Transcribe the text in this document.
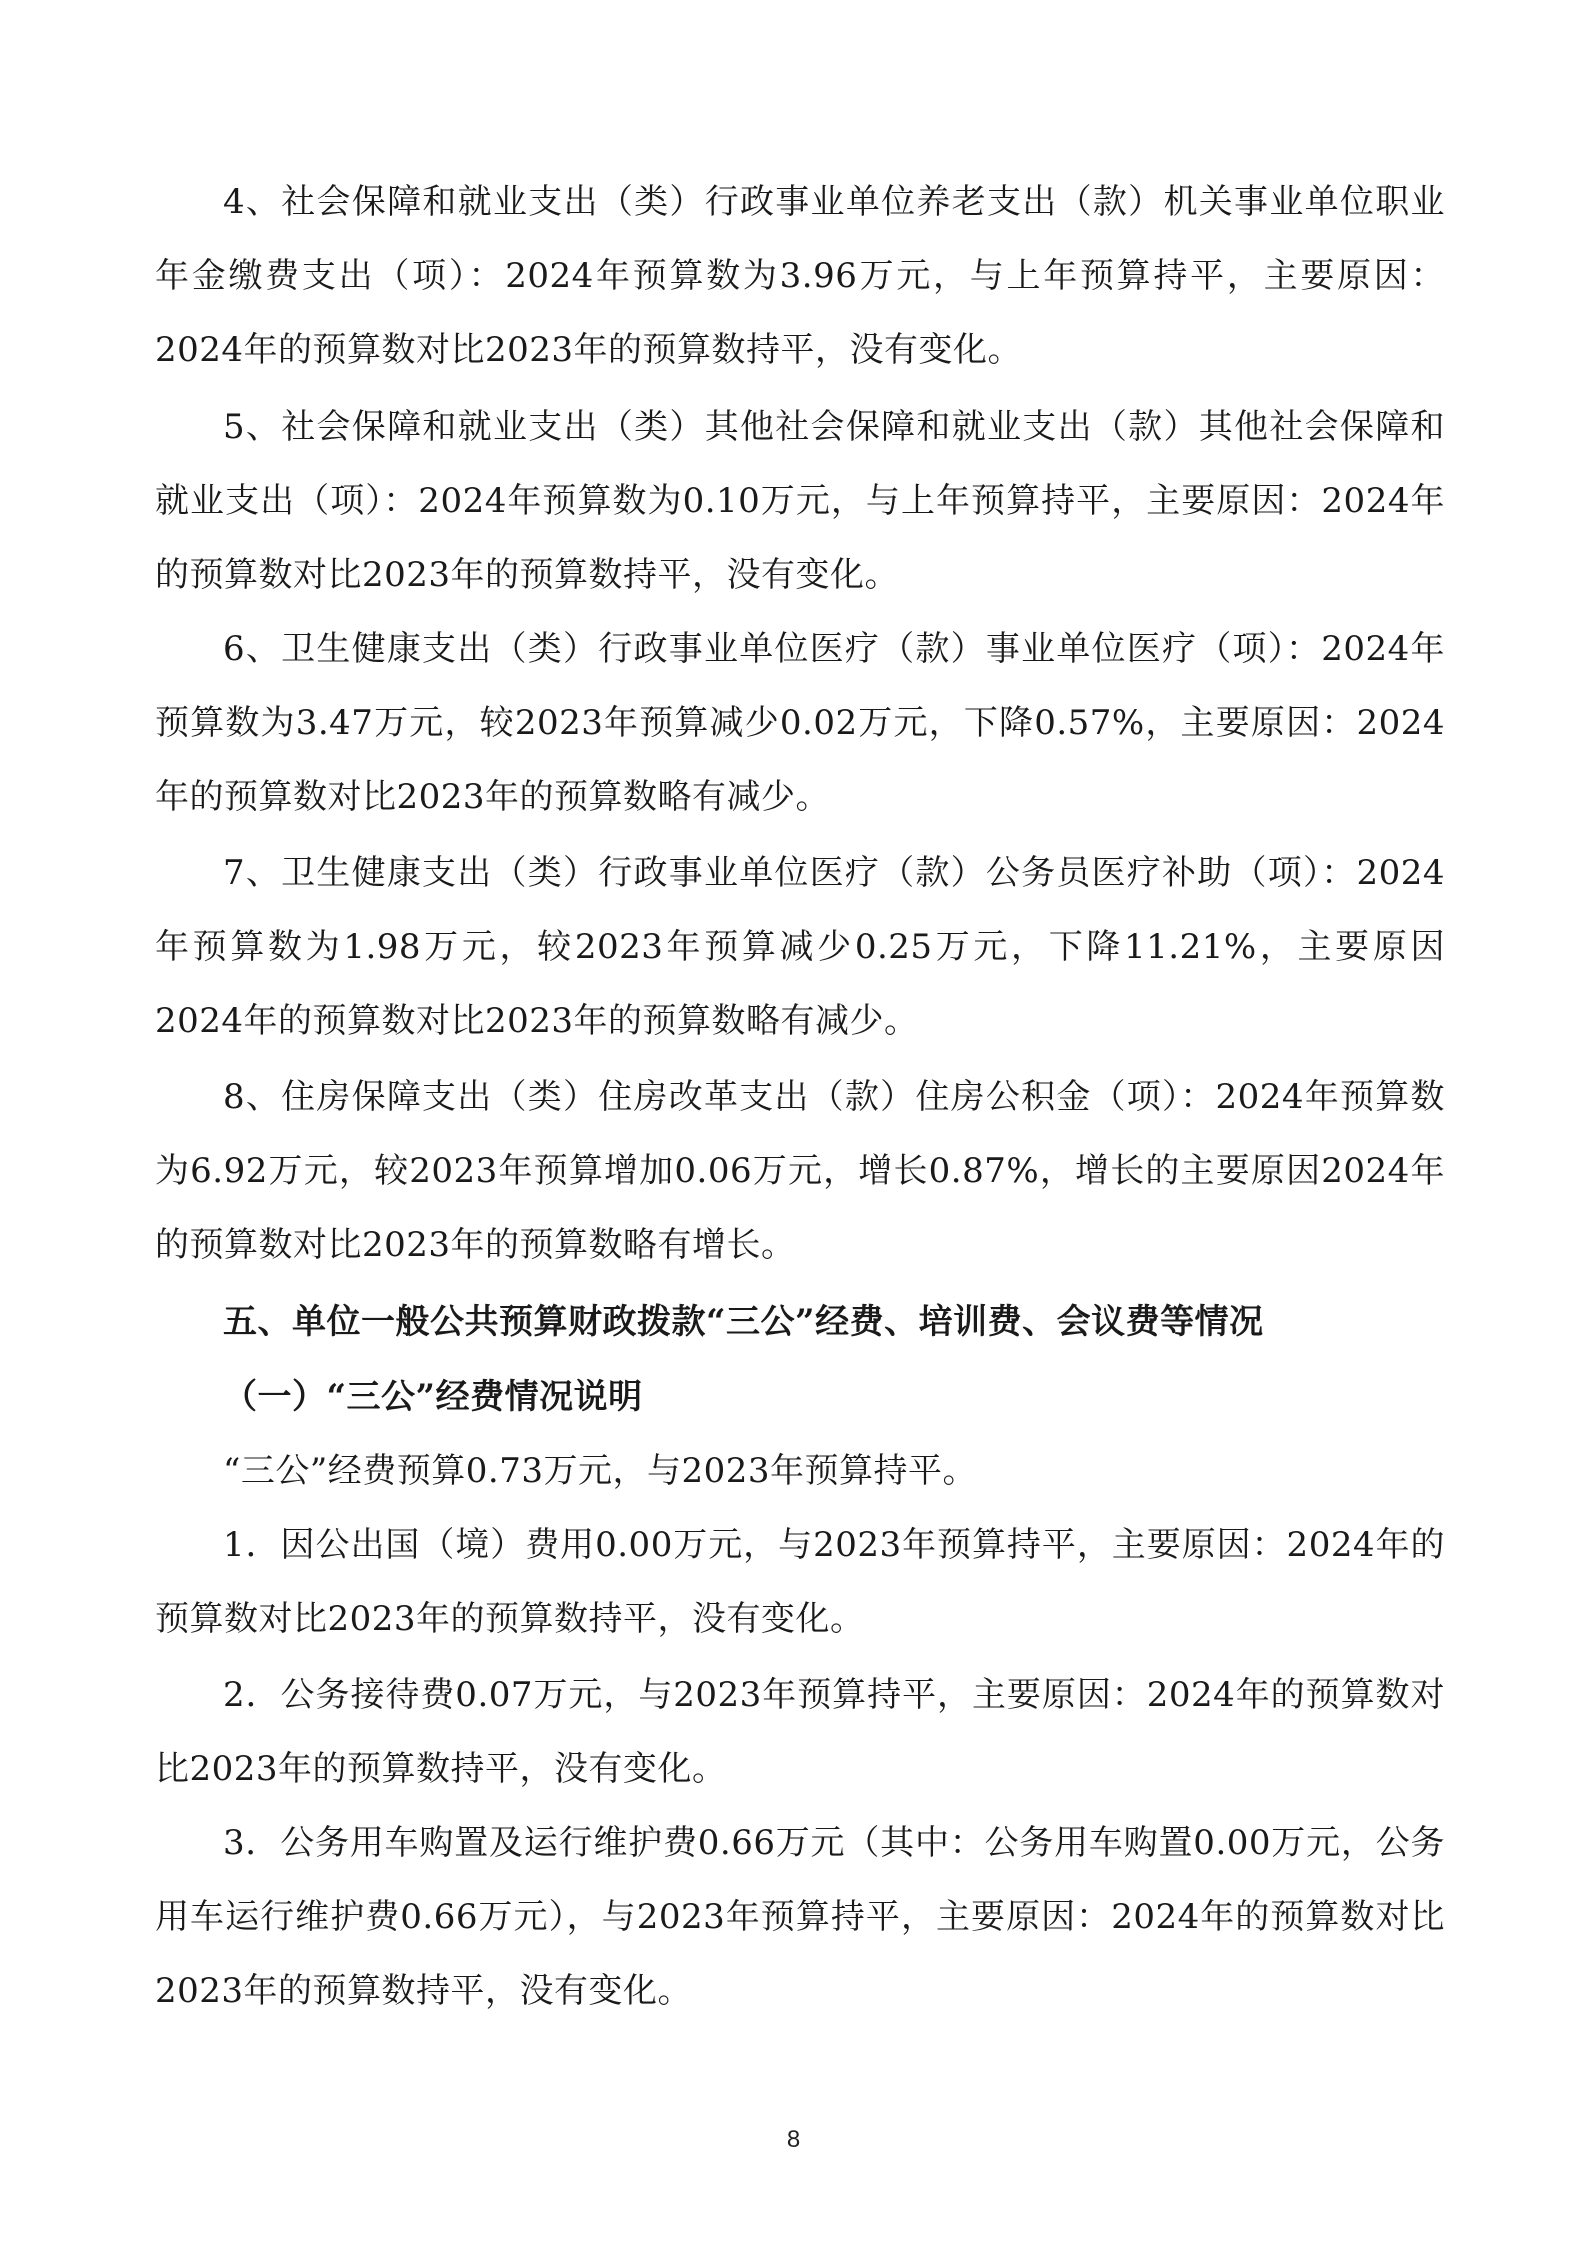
4、社会保障和就业支出（类）行政事业单位养老支出（款）机关事业单位职业年金缴费支出（项）：2024年预算数为3.96万元，与上年预算持平，主要原因：2024年的预算数对比2023年的预算数持平，没有变化。

5、社会保障和就业支出（类）其他社会保障和就业支出（款）其他社会保障和就业支出（项）：2024年预算数为0.10万元，与上年预算持平，主要原因：2024年的预算数对比2023年的预算数持平，没有变化。

6、卫生健康支出（类）行政事业单位医疗（款）事业单位医疗（项）：2024年预算数为3.47万元，较2023年预算减少0.02万元，下降0.57%，主要原因：2024年的预算数对比2023年的预算数略有减少。

7、卫生健康支出（类）行政事业单位医疗（款）公务员医疗补助（项）：2024年预算数为1.98万元，较2023年预算减少0.25万元，下降11.21%，主要原因2024年的预算数对比2023年的预算数略有减少。

8、住房保障支出（类）住房改革支出（款）住房公积金（项）：2024年预算数为6.92万元，较2023年预算增加0.06万元，增长0.87%，增长的主要原因2024年的预算数对比2023年的预算数略有增长。

五、单位一般公共预算财政拨款“三公”经费、培训费、会议费等情况

（一）“三公”经费情况说明

“三公”经费预算0.73万元，与2023年预算持平。

1．因公出国（境）费用0.00万元，与2023年预算持平，主要原因：2024年的预算数对比2023年的预算数持平，没有变化。

2．公务接待费0.07万元，与2023年预算持平，主要原因：2024年的预算数对比2023年的预算数持平，没有变化。

3．公务用车购置及运行维护费0.66万元（其中：公务用车购置0.00万元，公务用车运行维护费0.66万元），与2023年预算持平，主要原因：2024年的预算数对比2023年的预算数持平，没有变化。

8
